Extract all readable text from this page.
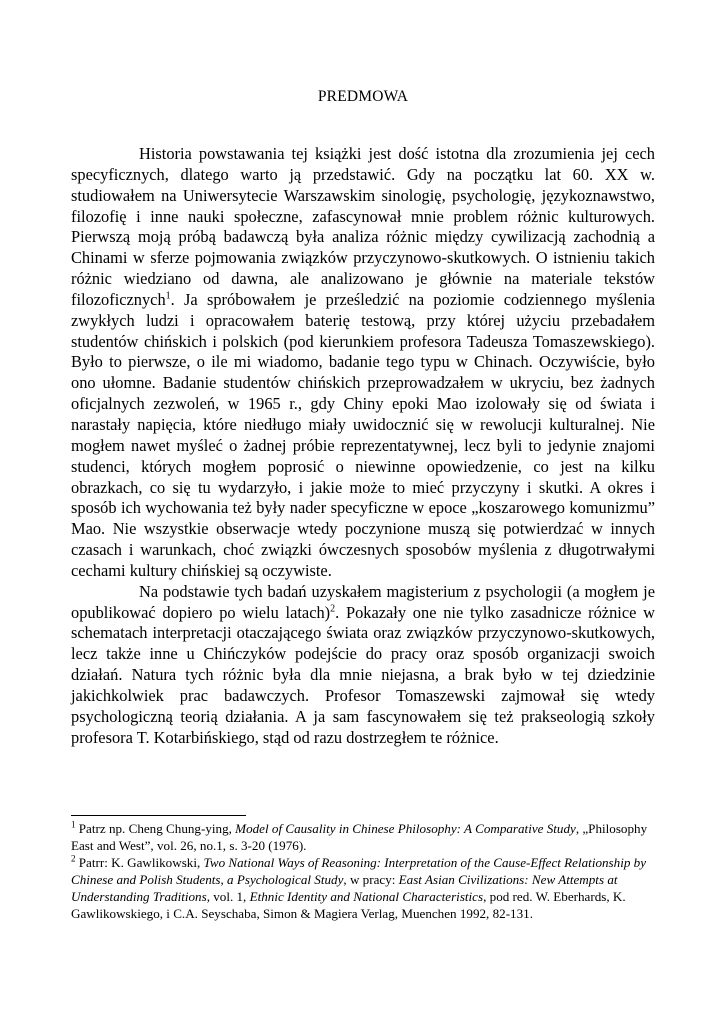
PREDMOWA

Historia powstawania tej książki jest dość istotna dla zrozumienia jej cech specyficznych, dlatego warto ją przedstawić. Gdy na początku lat 60. XX w. studiowałem na Uniwersytecie Warszawskim sinologię, psychologię, językoznawstwo, filozofię i inne nauki społeczne, zafascynował mnie problem różnic kulturowych. Pierwszą moją próbą badawczą była analiza różnic między cywilizacją zachodnią a Chinami w sferze pojmowania związków przyczynowo-skutkowych. O istnieniu takich różnic wiedziano od dawna, ale analizowano je głównie na materiale tekstów filozoficznych$^1$. Ja spróbowałem je prześledzić na poziomie codziennego myślenia zwykłych ludzi i opracowałem baterię testową, przy której użyciu przebadałem studentów chińskich i polskich (pod kierunkiem profesora Tadeusza Tomaszewskiego). Było to pierwsze, o ile mi wiadomo, badanie tego typu w Chinach. Oczywiście, było ono ułomne. Badanie studentów chińskich przeprowadzałem w ukryciu, bez żadnych oficjalnych zezwoleń, w 1965 r., gdy Chiny epoki Mao izolowały się od świata i narastały napięcia, które niedługo miały uwidocznić się w rewolucji kulturalnej. Nie mogłem nawet myśleć o żadnej próbie reprezentatywnej, lecz byli to jedynie znajomi studenci, których mogłem poprosić o niewinne opowiedzenie, co jest na kilku obrazkach, co się tu wydarzyło, i jakie może to mieć przyczyny i skutki. A okres i sposób ich wychowania też były nader specyficzne w epoce „koszarowego komunizmu” Mao. Nie wszystkie obserwacje wtedy poczynione muszą się potwierdzać w innych czasach i warunkach, choć związki ówczesnych sposobów myślenia z długotrwałymi cechami kultury chińskiej są oczywiste.

Na podstawie tych badań uzyskałem magisterium z psychologii (a mogłem je opublikować dopiero po wielu latach)$^2$. Pokazały one nie tylko zasadnicze różnice w schematach interpretacji otaczającego świata oraz związków przyczynowo-skutkowych, lecz także inne u Chińczyków podejście do pracy oraz sposób organizacji swoich działań. Natura tych różnic była dla mnie niejasna, a brak było w tej dziedzinie jakichkolwiek prac badawczych. Profesor Tomaszewski zajmował się wtedy psychologiczną teorią działania. A ja sam fascynowałem się też prakseologią szkoły profesora T. Kotarbińskiego, stąd od razu dostrzegłem te różnice.

$^1$ Patrz np. Cheng Chung-ying, Model of Causality in Chinese Philosophy: A Comparative Study, „Philosophy East and West”, vol. 26, no.1, s. 3-20 (1976).

$^2$ Patrr: K. Gawlikowski, Two National Ways of Reasoning: Interpretation of the Cause-Effect Relationship by Chinese and Polish Students, a Psychological Study, w pracy: East Asian Civilizations: New Attempts at Understanding Traditions, vol. 1, Ethnic Identity and National Characteristics, pod red. W. Eberhards, K. Gawlikowskiego, i C.A. Seyschaba, Simon & Magiera Verlag, Muenchen 1992, 82-131.
